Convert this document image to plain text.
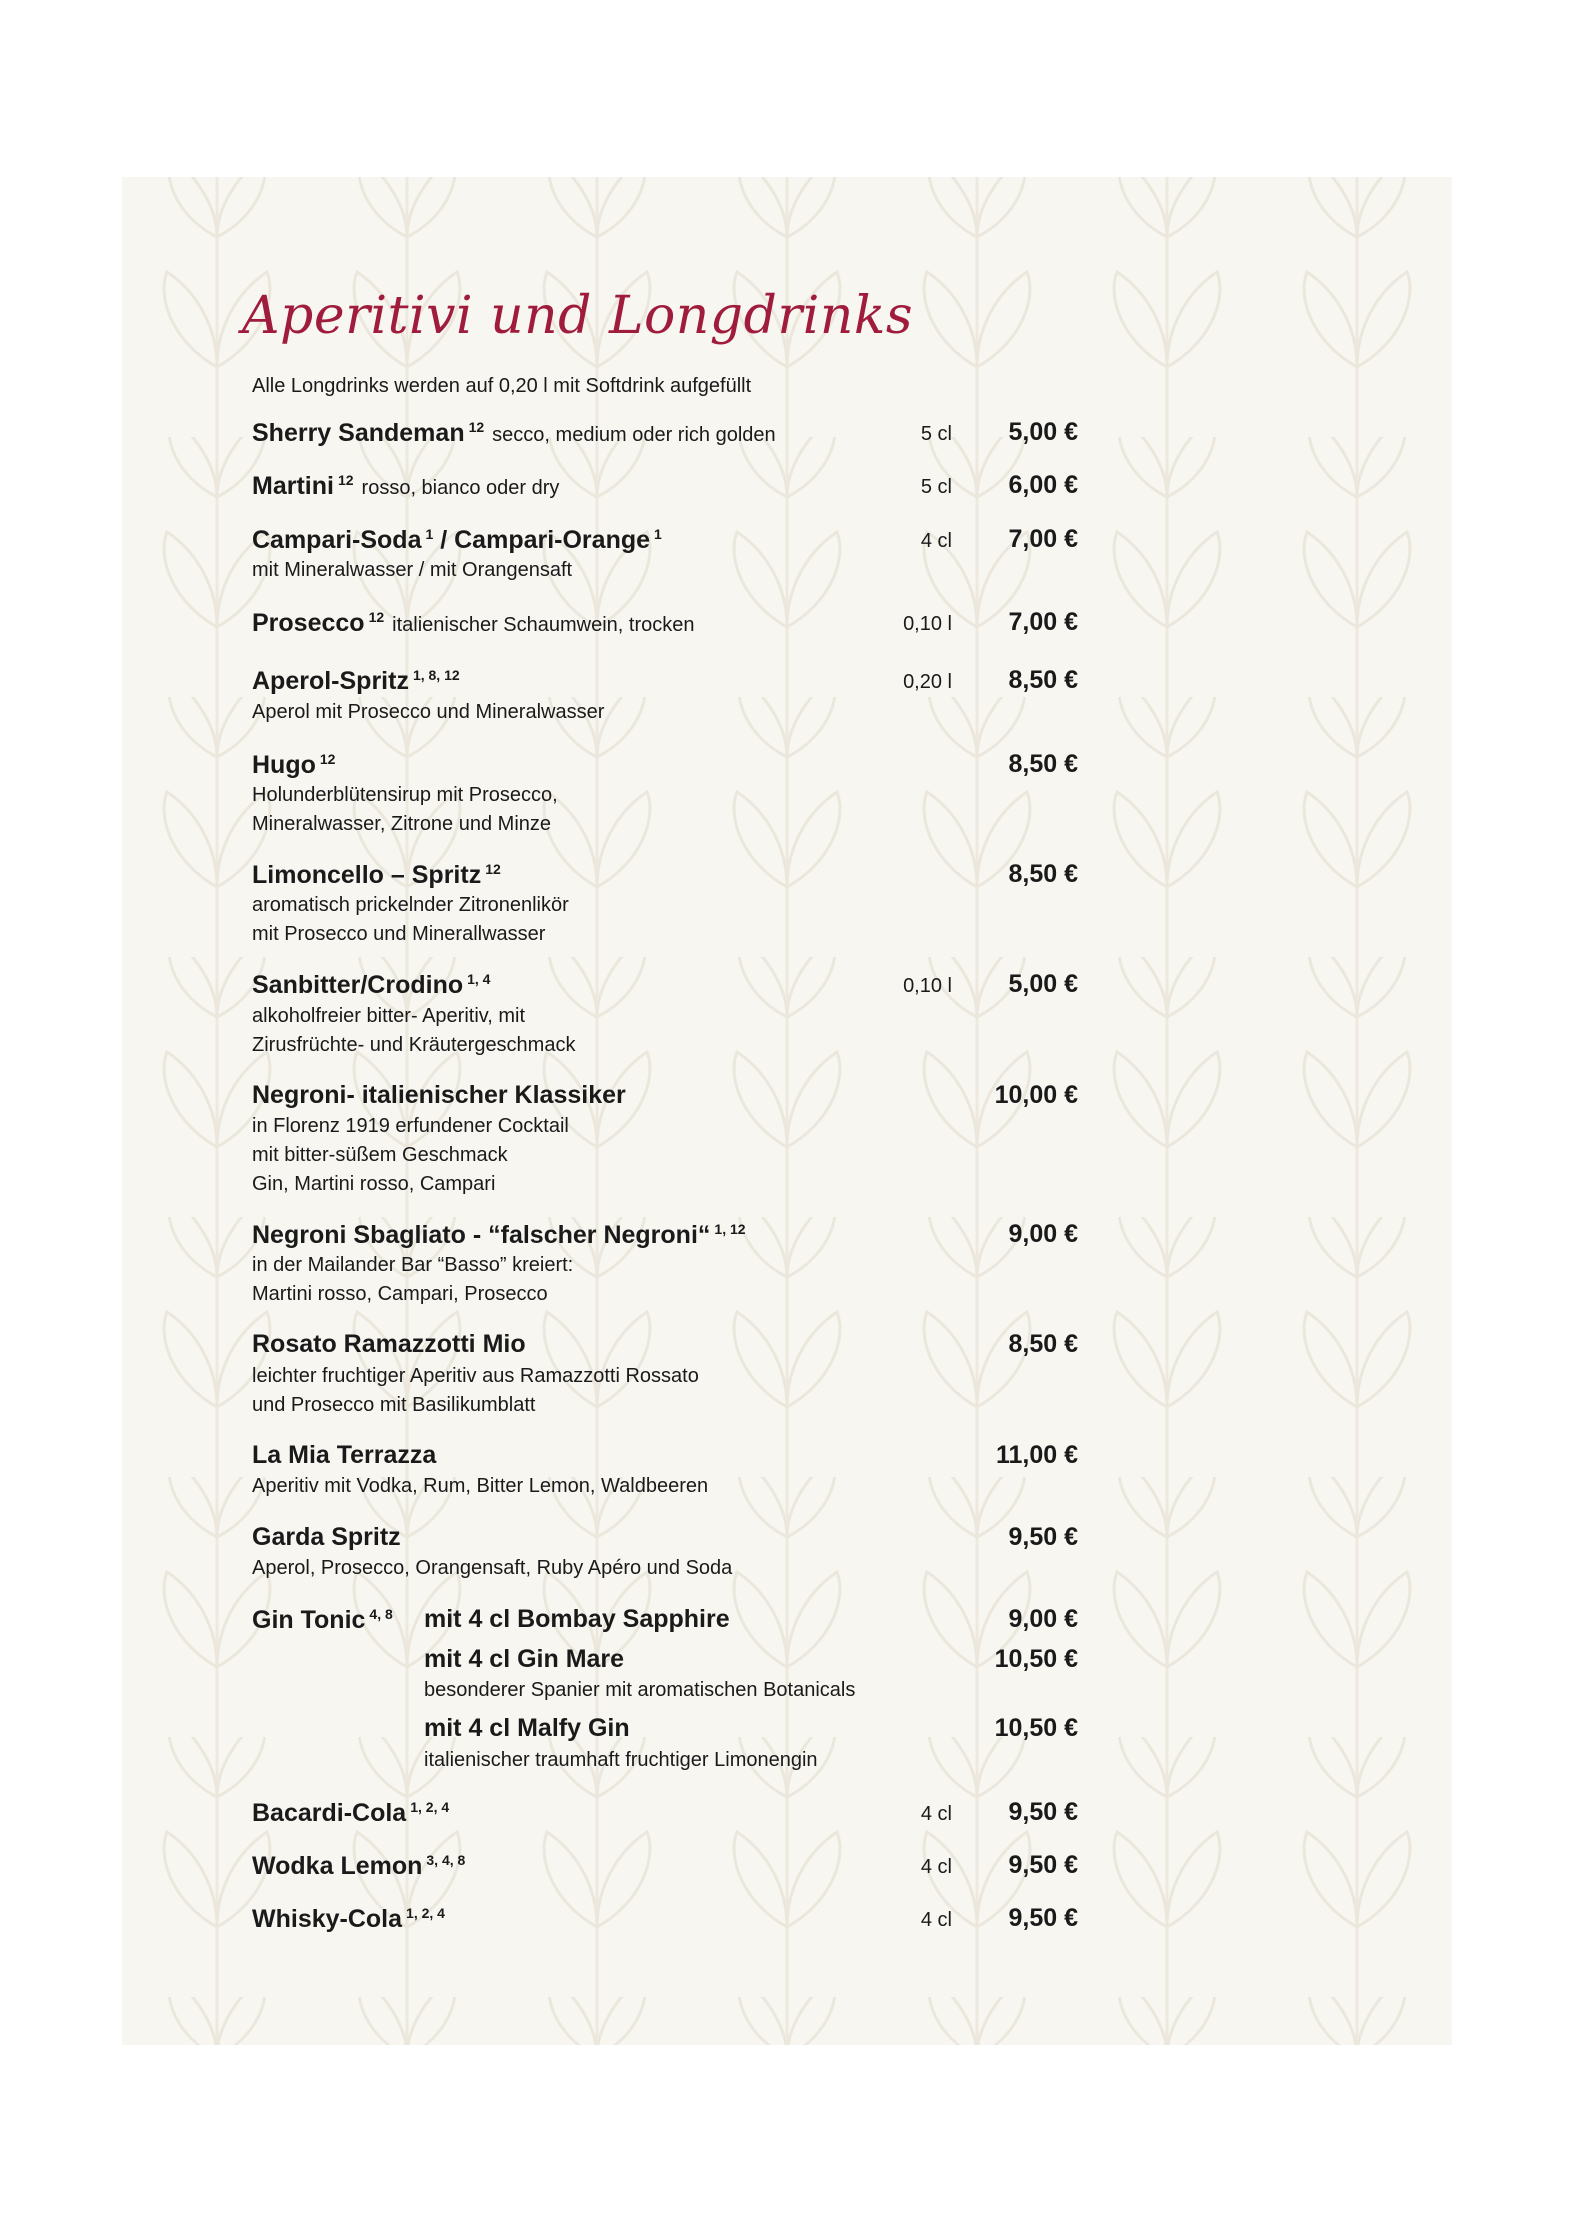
Aperitivi und Longdrinks
Alle Longdrinks werden auf 0,20 l mit Softdrink aufgefüllt
Sherry Sandeman $^{12}$ secco, medium oder rich golden	5 cl	5,00 €
Martini $^{12}$ rosso, bianco oder dry	5 cl	6,00 €
Campari-Soda $^1$ / Campari-Orange $^1$	4 cl	7,00 €
mit Mineralwasser / mit Orangensaft
Prosecco $^{12}$ italienischer Schaumwein, trocken	0,10 l	7,00 €
Aperol-Spritz $^{1, 8, 12}$	0,20 l	8,50 €
Aperol mit Prosecco und Mineralwasser
Hugo $^{12}$	8,50 €
Holunderblütensirup mit Prosecco,
Mineralwasser, Zitrone und Minze
Limoncello – Spritz $^{12}$	8,50 €
aromatisch prickelnder Zitronenlikör
mit Prosecco und Minerallwasser
Sanbitter/Crodino $^{1, 4}$	0,10 l	5,00 €
alkoholfreier bitter- Aperitiv, mit
Zirusfrüchte- und Kräutergeschmack
Negroni- italienischer Klassiker	10,00 €
in Florenz 1919 erfundener Cocktail
mit bitter-süßem Geschmack
Gin, Martini rosso, Campari
Negroni Sbagliato - “falscher Negroni“ $^{1, 12}$	9,00 €
in der Mailander Bar “Basso” kreiert:
Martini rosso, Campari, Prosecco
Rosato Ramazzotti Mio	8,50 €
leichter fruchtiger Aperitiv aus Ramazzotti Rossato
und Prosecco mit Basilikumblatt
La Mia Terrazza	11,00 €
Aperitiv mit Vodka, Rum, Bitter Lemon, Waldbeeren
Garda Spritz	9,50 €
Aperol, Prosecco, Orangensaft, Ruby Apéro und Soda
Gin Tonic $^{4, 8}$ mit 4 cl Bombay Sapphire	9,00 €
mit 4 cl Gin Mare	10,50 €
besonderer Spanier mit aromatischen Botanicals
mit 4 cl Malfy Gin	10,50 €
italienischer traumhaft fruchtiger Limonengin
Bacardi-Cola $^{1, 2, 4}$	4 cl	9,50 €
Wodka Lemon $^{3, 4, 8}$	4 cl	9,50 €
Whisky-Cola $^{1, 2, 4}$	4 cl	9,50 €
